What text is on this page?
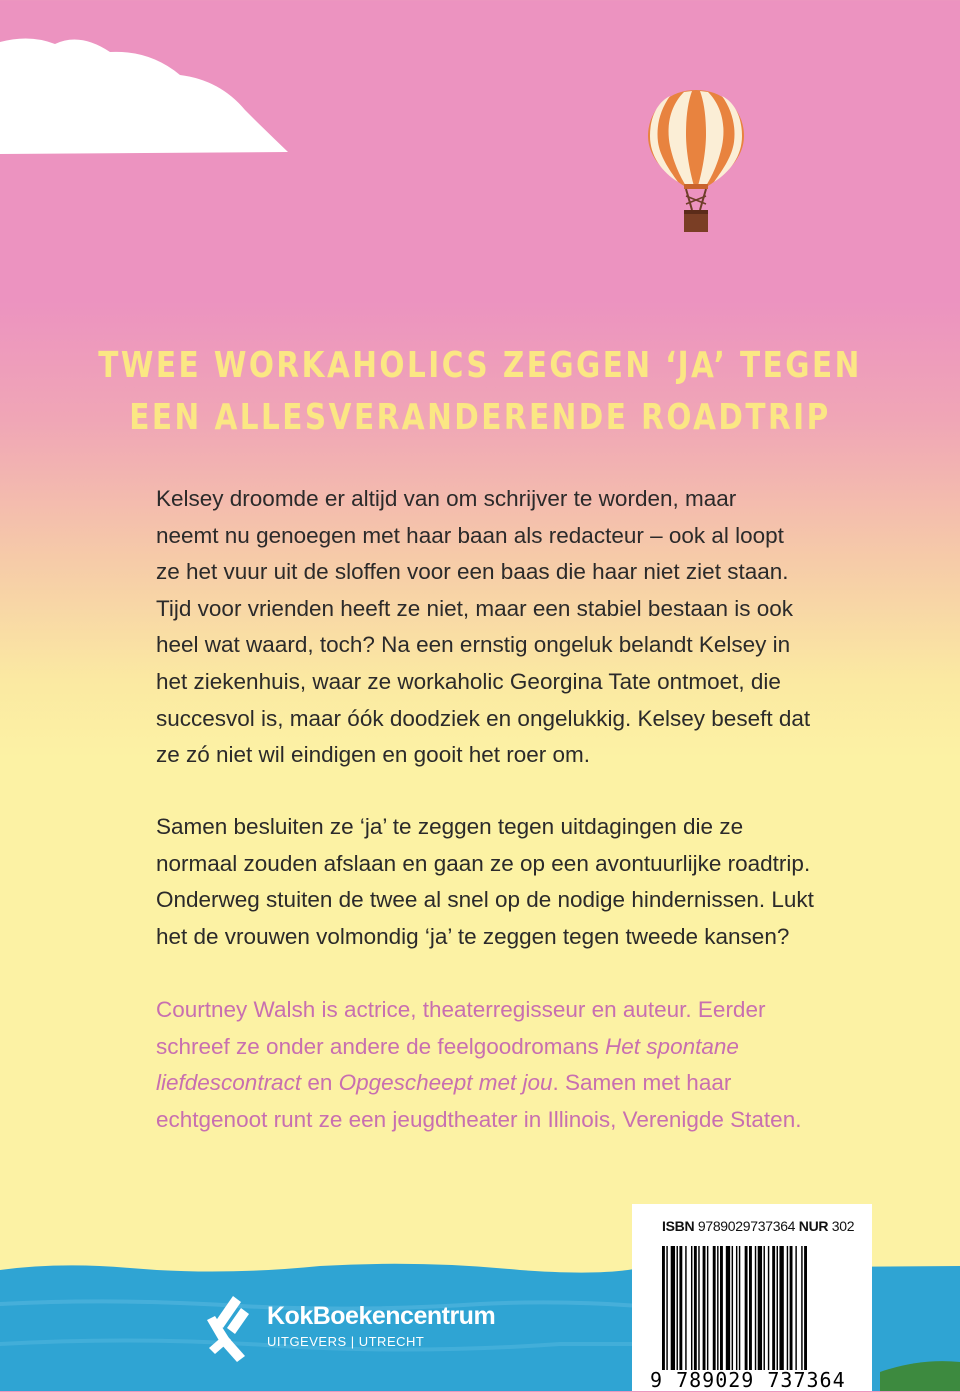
TWEE WORKAHOLICS ZEGGEN ‘JA’ TEGEN
EEN ALLESVERANDERENDE ROADTRIP
Kelsey droomde er altijd van om schrijver te worden, maar
neemt nu genoegen met haar baan als redacteur – ook al loopt
ze het vuur uit de sloffen voor een baas die haar niet ziet staan.
Tijd voor vrienden heeft ze niet, maar een stabiel bestaan is ook
heel wat waard, toch? Na een ernstig ongeluk belandt Kelsey in
het ziekenhuis, waar ze workaholic Georgina Tate ontmoet, die
succesvol is, maar óók doodziek en ongelukkig. Kelsey beseft dat
ze zó niet wil eindigen en gooit het roer om.
Samen besluiten ze ‘ja’ te zeggen tegen uitdagingen die ze
normaal zouden afslaan en gaan ze op een avontuurlijke roadtrip.
Onderweg stuiten de twee al snel op de nodige hindernissen. Lukt
het de vrouwen volmondig ‘ja’ te zeggen tegen tweede kansen?
Courtney Walsh is actrice, theaterregisseur en auteur. Eerder
schreef ze onder andere de feelgoodromans Het spontane
liefdescontract en Opgescheept met jou. Samen met haar
echtgenoot runt ze een jeugdtheater in Illinois, Verenigde Staten.
KokBoekencentrum
UITGEVERS | UTRECHT
ISBN 9789029737364 NUR 302
9 789029 737364
